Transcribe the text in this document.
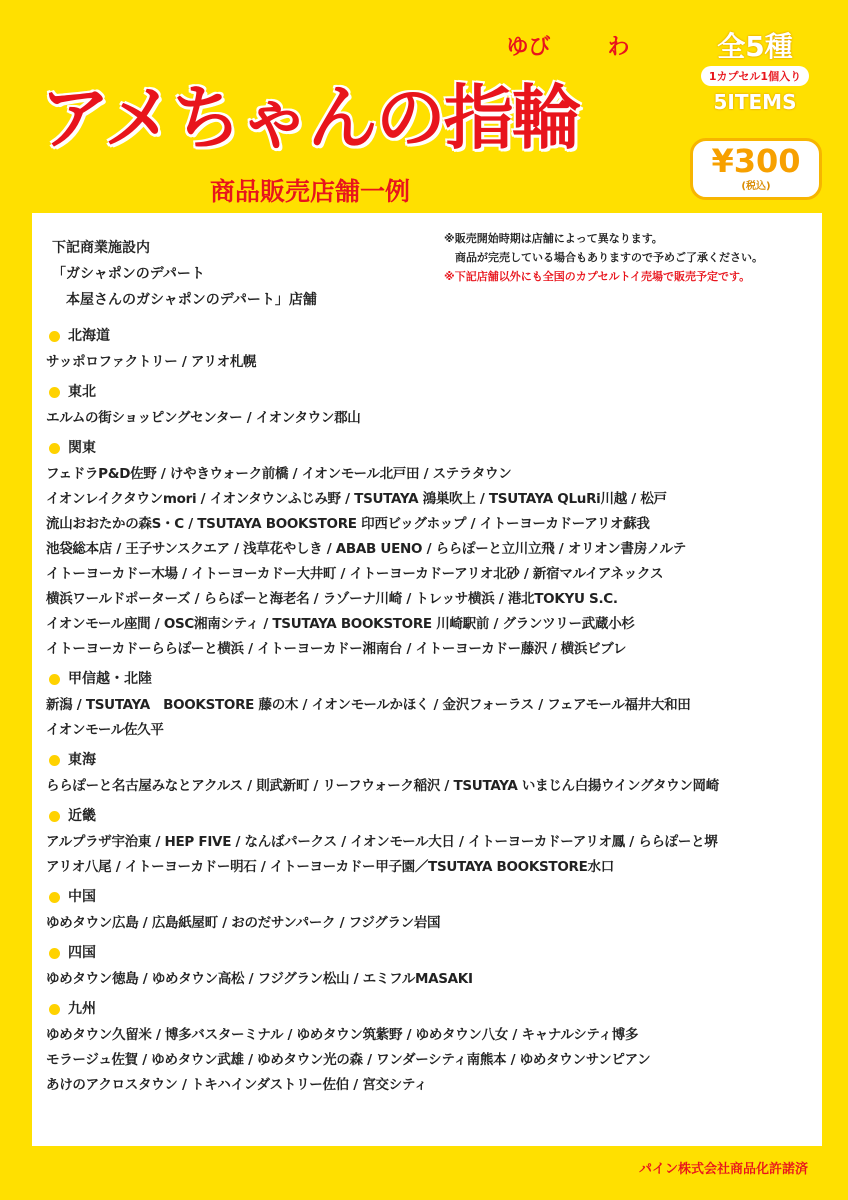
ゆび	わ
アメちゃんの指輪
商品販売店舗一例
全5種
1カプセル1個入り
5ITEMS
¥300
(税込)
下記商業施設内
「ガシャポンのデパート
　本屋さんのガシャポンのデパート」店舗
※販売開始時期は店舗によって異なります。
　商品が完売している場合もありますので予めご了承ください。
※下記店舗以外にも全国のカプセルトイ売場で販売予定です。
北海道
サッポロファクトリー / アリオ札幌
東北
エルムの街ショッピングセンター / イオンタウン郡山
関東
フェドラP&D佐野 / けやきウォーク前橋 / イオンモール北戸田 / ステラタウン
イオンレイクタウンmori / イオンタウンふじみ野 / TSUTAYA 鴻巣吹上 / TSUTAYA QLuRi川越 / 松戸
流山おおたかの森S・C / TSUTAYA BOOKSTORE 印西ビッグホップ / イトーヨーカドーアリオ蘇我
池袋総本店 / 王子サンスクエア / 浅草花やしき / ABAB UENO / ららぽーと立川立飛 / オリオン書房ノルテ
イトーヨーカドー木場 / イトーヨーカドー大井町 / イトーヨーカドーアリオ北砂 / 新宿マルイアネックス
横浜ワールドポーターズ / ららぽーと海老名 / ラゾーナ川崎 / トレッサ横浜 / 港北TOKYU S.C.
イオンモール座間 / OSC湘南シティ / TSUTAYA BOOKSTORE 川崎駅前 / グランツリー武蔵小杉
イトーヨーカドーららぽーと横浜 / イトーヨーカドー湘南台 / イトーヨーカドー藤沢 / 横浜ビブレ
甲信越・北陸
新潟 / TSUTAYA　BOOKSTORE 藤の木 / イオンモールかほく / 金沢フォーラス / フェアモール福井大和田
イオンモール佐久平
東海
ららぽーと名古屋みなとアクルス / 則武新町 / リーフウォーク稲沢 / TSUTAYA いまじん白揚ウイングタウン岡崎
近畿
アルプラザ宇治東 / HEP FIVE / なんばパークス / イオンモール大日 / イトーヨーカドーアリオ鳳 / ららぽーと堺
アリオ八尾 / イトーヨーカドー明石 / イトーヨーカドー甲子園／TSUTAYA BOOKSTORE水口
中国
ゆめタウン広島 / 広島紙屋町 / おのだサンパーク / フジグラン岩国
四国
ゆめタウン徳島 / ゆめタウン高松 / フジグラン松山 / エミフルMASAKI
九州
ゆめタウン久留米 / 博多バスターミナル / ゆめタウン筑紫野 / ゆめタウン八女 / キャナルシティ博多
モラージュ佐賀 / ゆめタウン武雄 / ゆめタウン光の森 / ワンダーシティ南熊本 / ゆめタウンサンピアン
あけのアクロスタウン / トキハインダストリー佐伯 / 宮交シティ
パイン株式会社商品化許諾済
